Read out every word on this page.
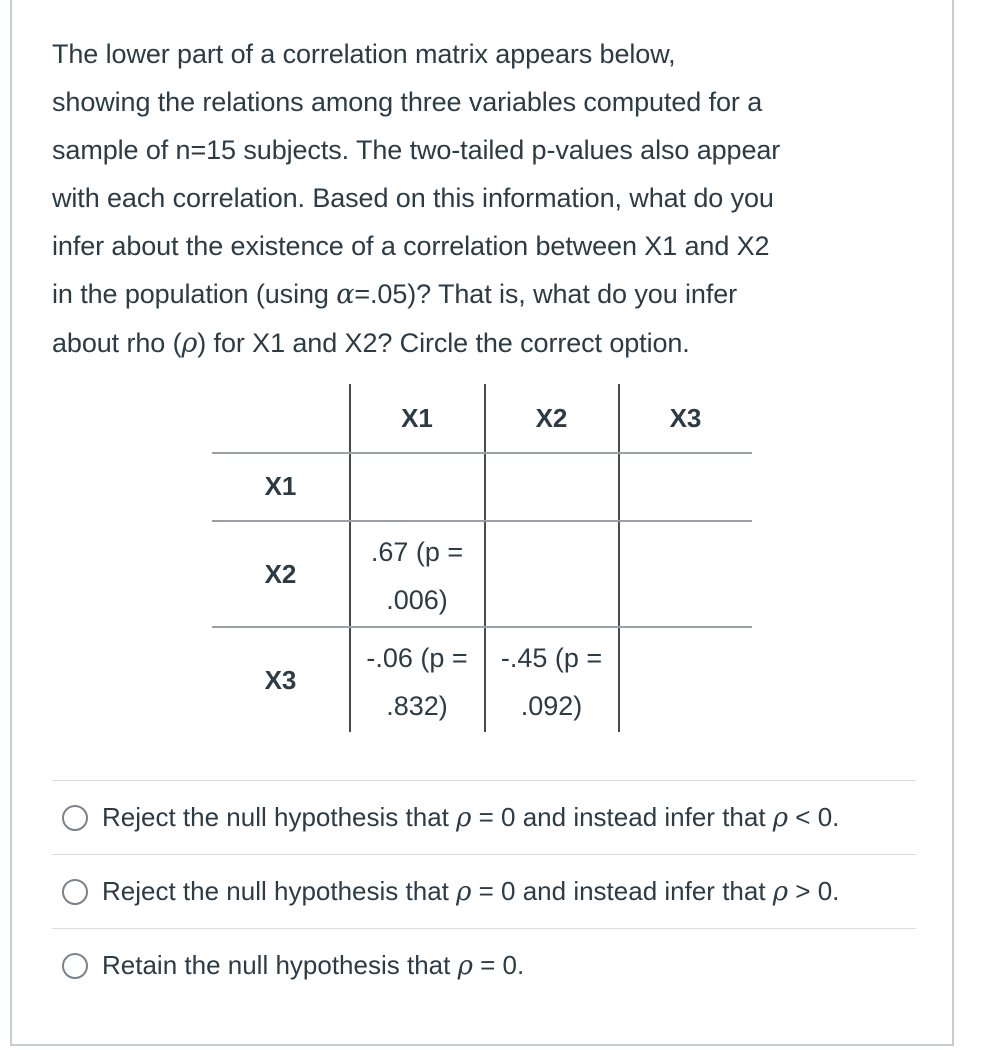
The lower part of a correlation matrix appears below,

showing the relations among three variables computed for a

sample of n=15 subjects. The two-tailed p-values also appear

with each correlation. Based on this information, what do you

infer about the existence of a correlation between X1 and X2

in the population (using α=.05)? That is, what do you infer

about rho (ρ) for X1 and X2? Circle the correct option.

X1	X2	X3
X1
X2
X3
.67 (p =
.006)
-.06 (p =
.832)
-.45 (p =
.092)
Reject the null hypothesis that ρ = 0 and instead infer that ρ < 0.
Reject the null hypothesis that ρ = 0 and instead infer that ρ > 0.
Retain the null hypothesis that ρ = 0.
